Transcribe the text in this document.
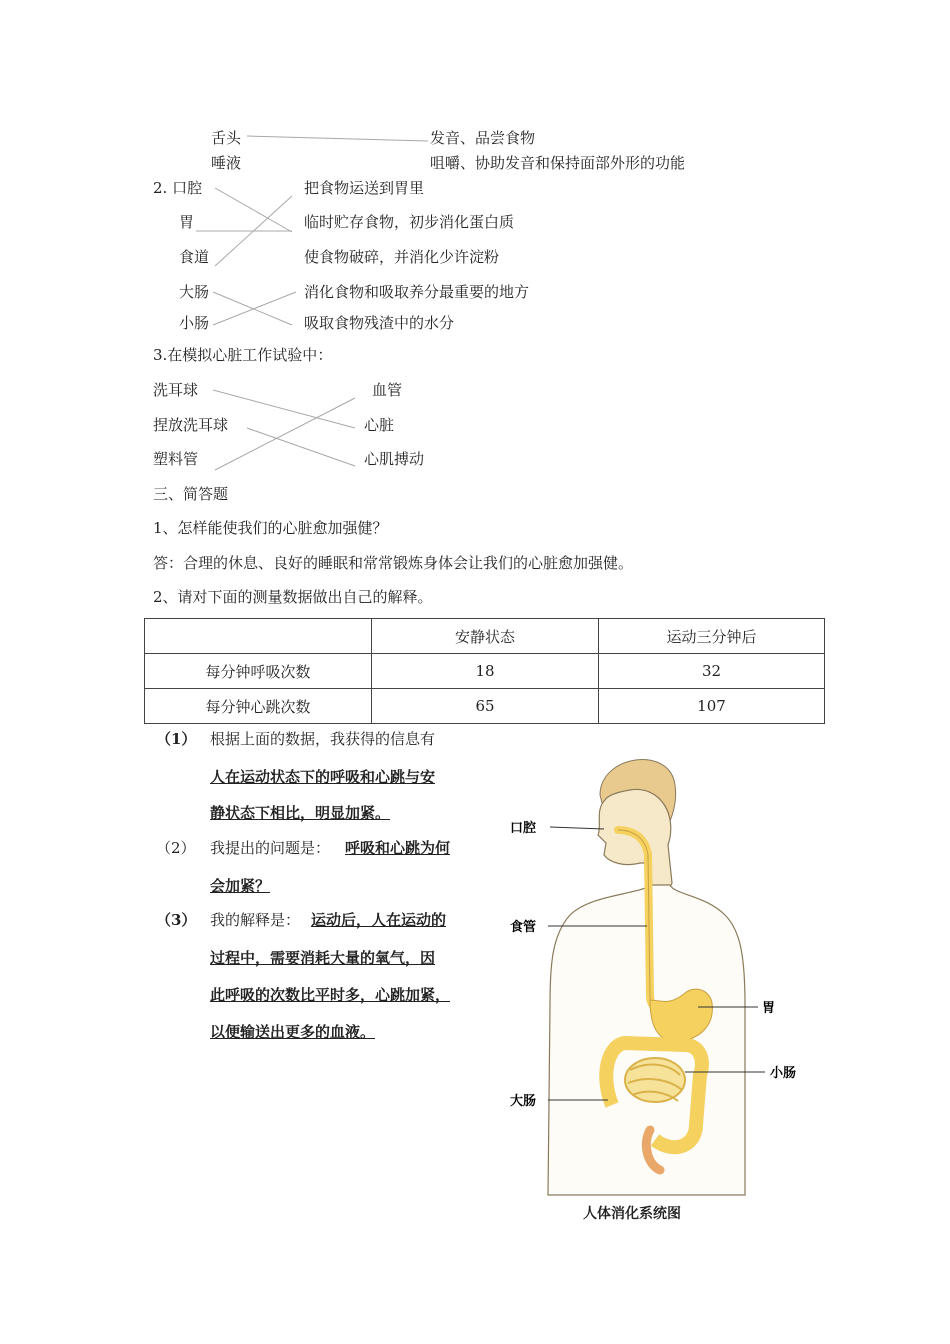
舌头
唾液
发音、品尝食物
咀嚼、协助发音和保持面部外形的功能
2. 口腔
胃
食道
大肠
小肠
把食物运送到胃里
临时贮存食物，初步消化蛋白质
使食物破碎，并消化少许淀粉
消化食物和吸取养分最重要的地方
吸取食物残渣中的水分
3.在模拟心脏工作试验中：
洗耳球
捏放洗耳球
塑料管
血管
心脏
心肌搏动
三、简答题
1、怎样能使我们的心脏愈加强健？
答：合理的休息、良好的睡眠和常常锻炼身体会让我们的心脏愈加强健。
2、请对下面的测量数据做出自己的解释。
	安静状态	运动三分钟后
每分钟呼吸次数	18	32
每分钟心跳次数	65	107
（1） 根据上面的数据，我获得的信息有
人在运动状态下的呼吸和心跳与安
静状态下相比，明显加紧。
（2） 我提出的问题是： 呼吸和心跳为何
会加紧？
（3） 我的解释是： 运动后，人在运动的
过程中，需要消耗大量的氧气，因
此呼吸的次数比平时多，心跳加紧，
以便输送出更多的血液。
口腔
食管
胃
小肠
大肠
人体消化系统图
